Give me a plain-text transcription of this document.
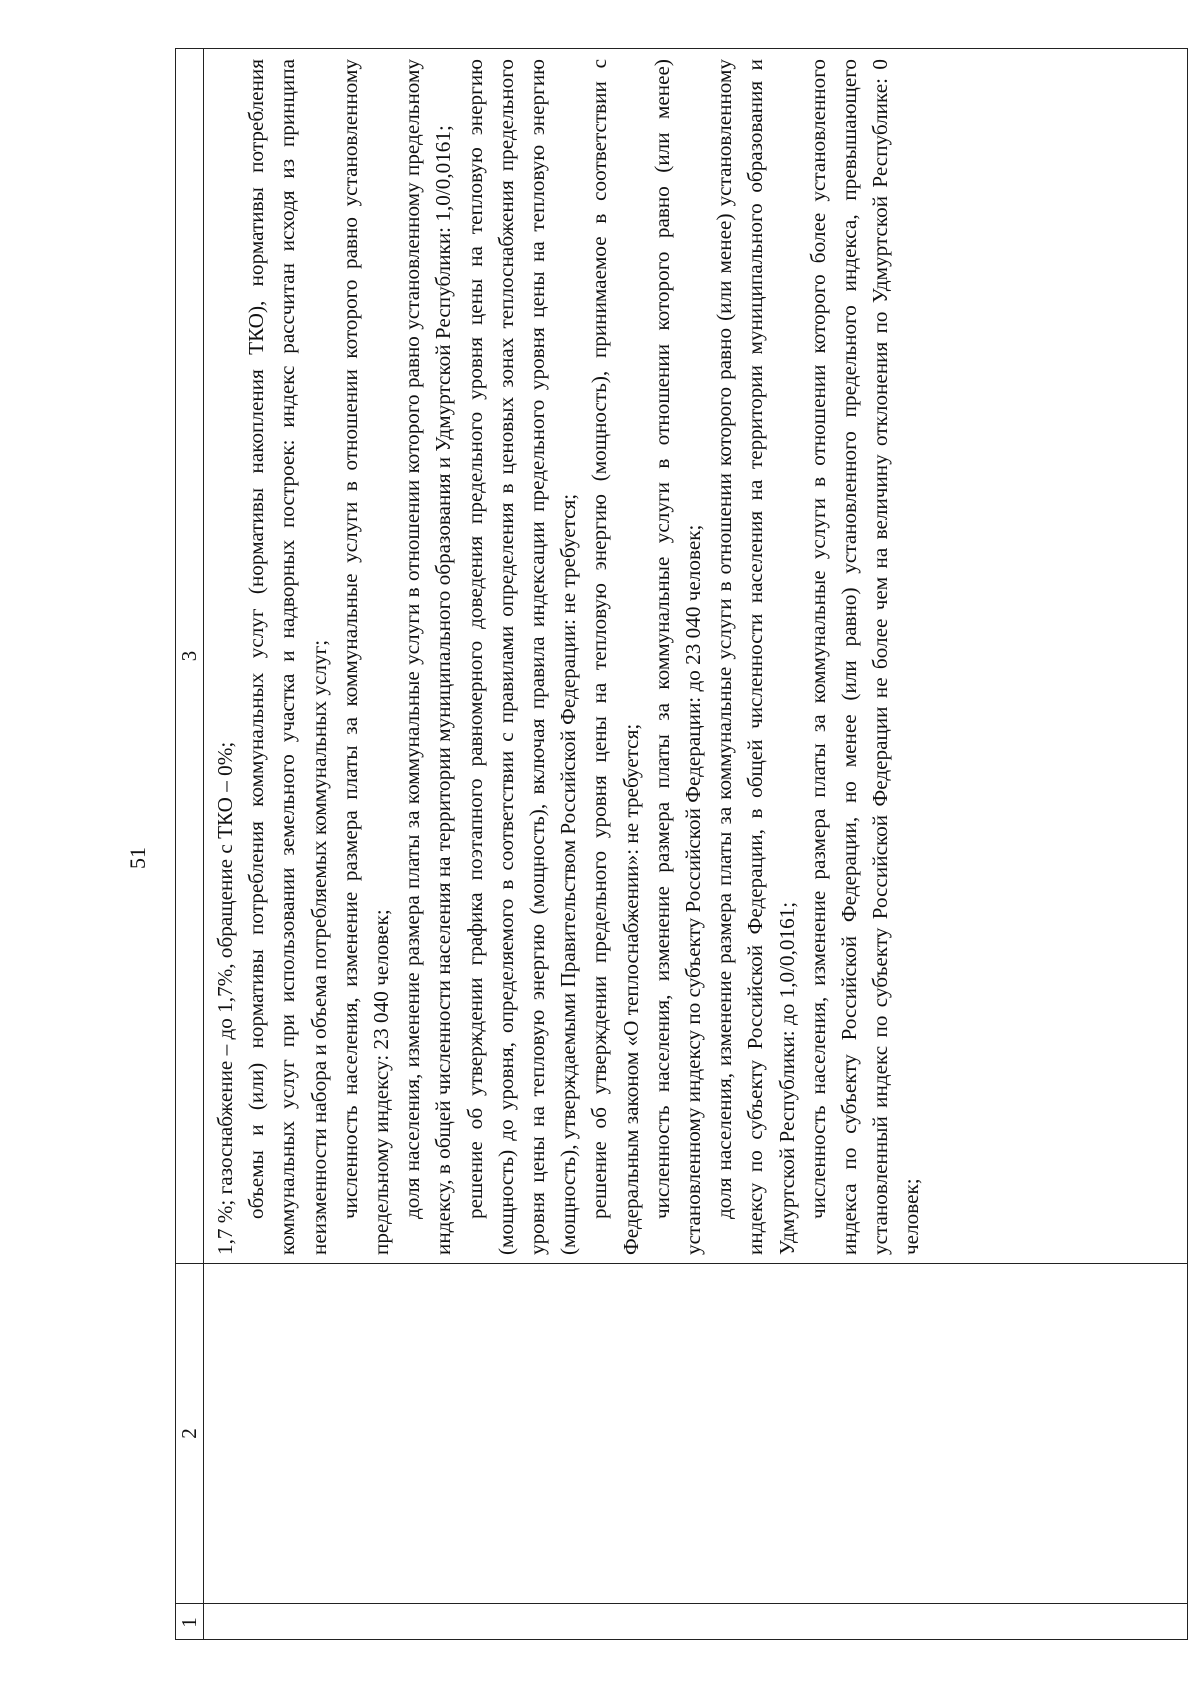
51
1
2
3

1,7 %; газоснабжение – до 1,7%, обращение с ТКО – 0%; объемы и (или) нормативы потребления коммунальных услуг (нормативы накопления ТКО), нормативы потребления коммунальных услуг при использовании земельного участка и надворных построек: индекс рассчитан исходя из принципа неизменности набора и объема потребляемых коммунальных услуг; численность населения, изменение размера платы за коммунальные услуги в отношении которого равно установленному предельному индексу: 23 040 человек; доля населения, изменение размера платы за коммунальные услуги в отношении которого равно установленному предельному индексу, в общей численности населения на территории муниципального образования и Удмуртской Республики: 1,0/0,0161; решение об утверждении графика поэтапного равномерного доведения предельного уровня цены на тепловую энергию (мощность) до уровня, определяемого в соответствии с правилами определения в ценовых зонах теплоснабжения предельного уровня цены на тепловую энергию (мощность), включая правила индексации предельного уровня цены на тепловую энергию (мощность), утверждаемыми Правительством Российской Федерации: не требуется; решение об утверждении предельного уровня цены на тепловую энергию (мощность), принимаемое в соответствии с Федеральным законом «О теплоснабжении»: не требуется; численность населения, изменение размера платы за коммунальные услуги в отношении которого равно (или менее) установленному индексу по субъекту Российской Федерации: до 23 040 человек; доля населения, изменение размера платы за коммунальные услуги в отношении которого равно (или менее) установленному индексу по субъекту Российской Федерации, в общей численности населения на территории муниципального образования и Удмуртской Республики: до 1,0/0,0161; численность населения, изменение размера платы за коммунальные услуги в отношении которого более установленного индекса по субъекту Российской Федерации, но менее (или равно) установленного предельного индекса, превышающего установленный индекс по субъекту Российской Федерации не более чем на величину отклонения по Удмуртской Республике: 0 человек;
